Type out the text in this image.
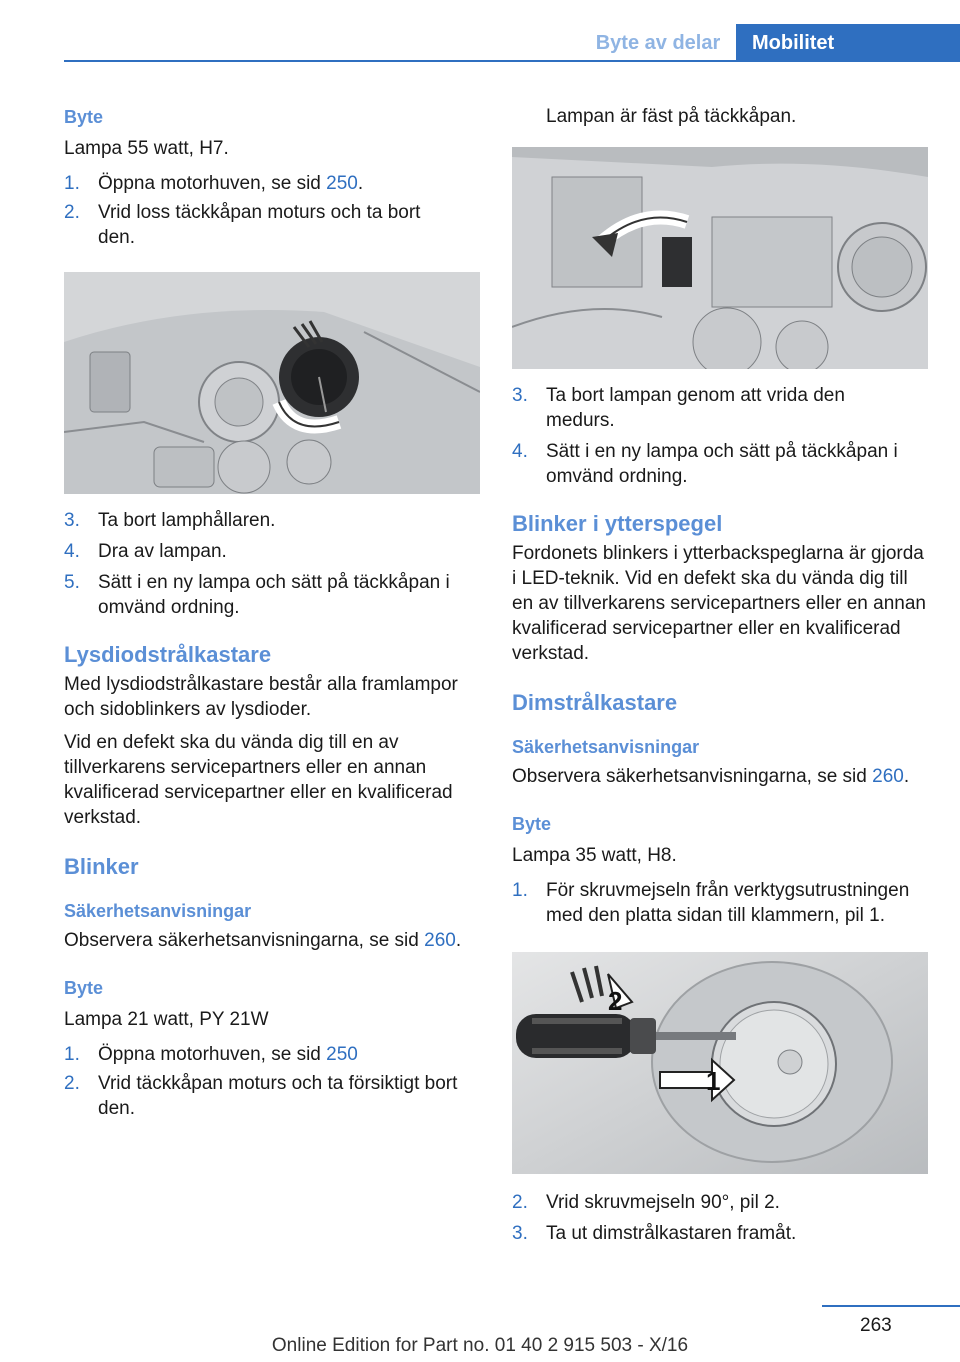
Byte av delar	Mobilitet
Byte
Lampa 55 watt, H7.
1. Öppna motorhuven, se sid 250.
2. Vrid loss täckkåpan moturs och ta bort den.
3. Ta bort lamphållaren.
4. Dra av lampan.
5. Sätt i en ny lampa och sätt på täckkåpan i omvänd ordning.
Lysdiodstrålkastare
Med lysdiodstrålkastare består alla framlampor och sidoblinkers av lysdioder.
Vid en defekt ska du vända dig till en av tillverkarens servicepartners eller en annan kvalificerad servicepartner eller en kvalificerad verkstad.
Blinker
Säkerhetsanvisningar
Observera säkerhetsanvisningarna, se sid 260.
Byte
Lampa 21 watt, PY 21W
1. Öppna motorhuven, se sid 250
2. Vrid täckkåpan moturs och ta försiktigt bort den.
Lampan är fäst på täckkåpan.
3. Ta bort lampan genom att vrida den medurs.
4. Sätt i en ny lampa och sätt på täckkåpan i omvänd ordning.
Blinker i ytterspegel
Fordonets blinkers i ytterbackspeglarna är gjorda i LED-teknik. Vid en defekt ska du vända dig till en av tillverkarens servicepartners eller en annan kvalificerad servicepartner eller en kvalificerad verkstad.
Dimstrålkastare
Säkerhetsanvisningar
Observera säkerhetsanvisningarna, se sid 260.
Byte
Lampa 35 watt, H8.
1. För skruvmejseln från verktygsutrustningen med den platta sidan till klammern, pil 1.
2
1
2. Vrid skruvmejseln 90°, pil 2.
3. Ta ut dimstrålkastaren framåt.
263
Online Edition for Part no. 01 40 2 915 503 - X/16
